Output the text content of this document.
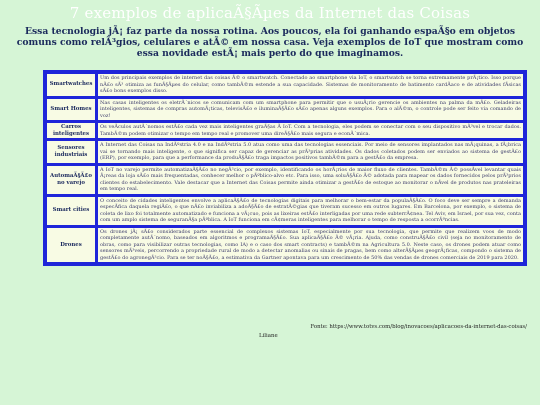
7 exemplos de aplicaÃ§Ãµes da Internet das Coisas
Essa tecnologia jÃ¡ faz parte da nossa rotina. Aos poucos, ela foi ganhando espaÃ§o em objetos comuns como relÃ³gios, celulares e atÃ© em nossa casa. Veja exemplos de IoT que mostram como essa novidade estÃ¡ mais perto do que imaginamos.
Smartwatches	Um dos principais exemplos de internet das coisas Ã© o smartwatch. Conectado ao smartphone via IoT, o smartwatch se torna extremamente prÃ¡tico. Isso porque nÃ£o sÃ³ otimiza as funÃ§Ãµes do celular, como tambÃ©m estende a sua capacidade. Sistemas de monitoramento de batimento cardÃaco e de atividades fÃsicas sÃ£o bons exemplos disso.
Smart Homes	Nas casas inteligentes os eletrÃ´nicos se comunicam com um smartphone para permitir que o usuÃ¡rio gerencie os ambientes na palma da mÃ£o. Geladeiras inteligentes, sistemas de compras automÃ¡ticas, televisÃ£o e iluminaÃ§Ã£o sÃ£o apenas alguns exemplos. Para o alÃ©m, o controle pode ser feito via comando de voz!
Carros inteligentes	Os veÃculos autÃ´nomos estÃ£o cada vez mais inteligentes graÃ§as Ã IoT. Com a tecnologia, eles podem se conectar com o seu dispositivo mÃ³vel e trocar dados. TambÃ©m podem otimizar o tempo em tempo real e promover uma direÃ§Ã£o mais segura e econÃ´mica.
Sensores industriais	A Internet das Coisas na IndÃºstria 4.0 e na IndÃºstria 5.0 atua como uma das tecnologias essenciais. Por meio de sensores implantados nas mÃ¡quinas, a fÃ¡brica vai se tornando mais inteligente, o que significa ser capaz de gerenciar as prÃ³prias atividades. Os dados coletados podem ser enviados ao sistema de gestÃ£o (ERP), por exemplo, para que a performance da produÃ§Ã£o traga impactos positivos tambÃ©m para a gestÃ£o da empresa.
AutomaÃ§Ã£o no varejo	A IoT no varejo permite automatizaÃ§Ã£o no negÃ³cio, por exemplo, identificando os horÃ¡rios de maior fluxo de clientes. TambÃ©m Ã© possÃvel levantar quais Ã¡reas da loja sÃ£o mais frequentadas, conhecer melhor o pÃºblico-alvo etc. Para isso, uma soluÃ§Ã£o Ã© adotada para mapear os dados fornecidos pelos prÃ³prios clientes do estabelecimento. Vale destacar que a Internet das Coisas permite ainda otimizar a gestÃ£o de estoque ao monitorar o nÃvel de produtos nas prateleiras em tempo real.
Smart cities	O conceito de cidades inteligentes envolve a aplicaÃ§Ã£o de tecnologias digitais para melhorar o bem-estar da populaÃ§Ã£o. O foco deve ser sempre a demanda especÃfica daquela regiÃ£o, o que nÃ£o inviabiliza a adoÃ§Ã£o de estratÃ©gias que tiveram sucesso em outros lugares. Em Barcelona, por exemplo, o sistema de coleta de lixo foi totalmente automatizado e funciona a vÃ¡cuo, pois as lixeiras estÃ£o interligadas por uma rede subterrÃ¢nea. Tel Aviv, em Israel, por sua vez, conta com um amplo sistema de seguranÃ§a pÃºblica. A IoT funciona em cÃ¢meras inteligentes para melhorar o tempo de resposta a ocorrÃªncias.
Drones	Os drones jÃ¡ sÃ£o considerados parte essencial de complexos sistemas IoT, especialmente por sua tecnologia, que permite que realizem voos de modo completamente autÃ´nomo, baseados em algoritmos e programaÃ§Ã£o. Sua aplicaÃ§Ã£o Ã© vÃ¡ria. Ajuda, como construÃ§Ã£o civil (seja no monitoramento de obras, como para visibilizar outras tecnologias, como IA) e o caso dos smart contracts) e tambÃ©m na Agricultura 5.0. Neste caso, os drones podem atuar como sensores mÃ³veis, percorrendo a propriedade rural de modo a detectar anomalias ou sinais de pragas, bem como alterÃ§Ãµes geogrÃ¡ficas, compondo o sistema de gestÃ£o do agronegÃ³cio. Para se ter noÃ§Ã£o, a estimativa da Gartner apontava para um crescimento de 50% das vendas de drones comerciais de 2019 para 2020.
Fonte: https://www.totvs.com/blog/inovacoes/aplicacoes-da-internet-das-coisas/
Liliane
